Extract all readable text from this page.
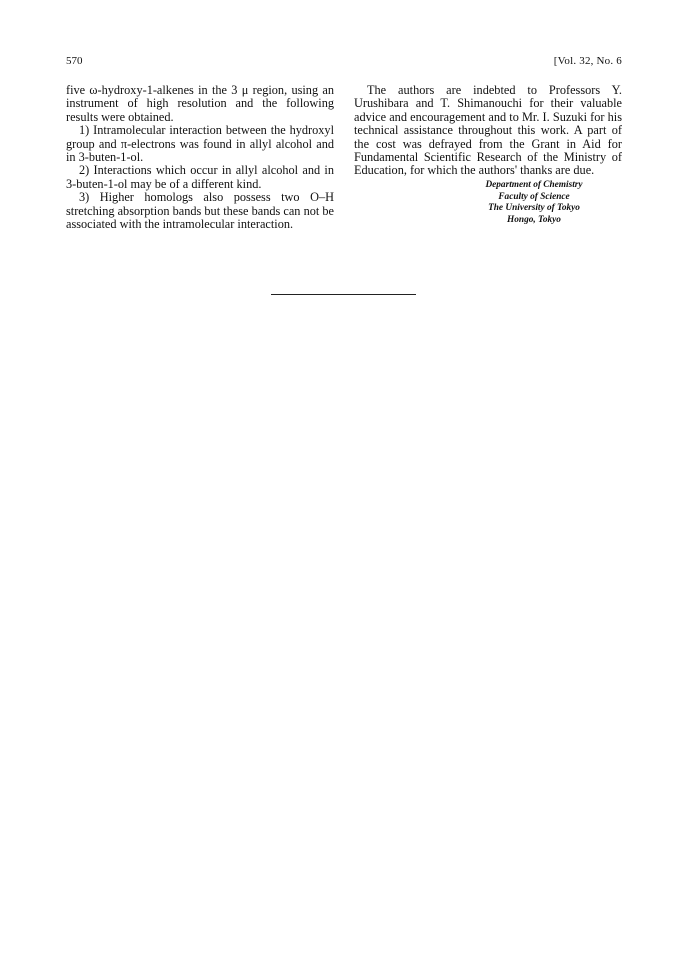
570	[Vol. 32, No. 6

five ω-hydroxy-1-alkenes in the 3 μ region, using an instrument of high resolution and the following results were obtained.

1) Intramolecular interaction between the hydroxyl group and π-electrons was found in allyl alcohol and in 3-buten-1-ol.

2) Interactions which occur in allyl alcohol and in 3-buten-1-ol may be of a different kind.

3) Higher homologs also possess two O–H stretching absorption bands but these bands can not be associated with the intramolecular interaction.

The authors are indebted to Professors Y. Urushibara and T. Shimanouchi for their valuable advice and encouragement and to Mr. I. Suzuki for his technical assistance throughout this work. A part of the cost was defrayed from the Grant in Aid for Fundamental Scientific Research of the Ministry of Education, for which the authors' thanks are due.

Department of Chemistry
Faculty of Science
The University of Tokyo
Hongo, Tokyo
